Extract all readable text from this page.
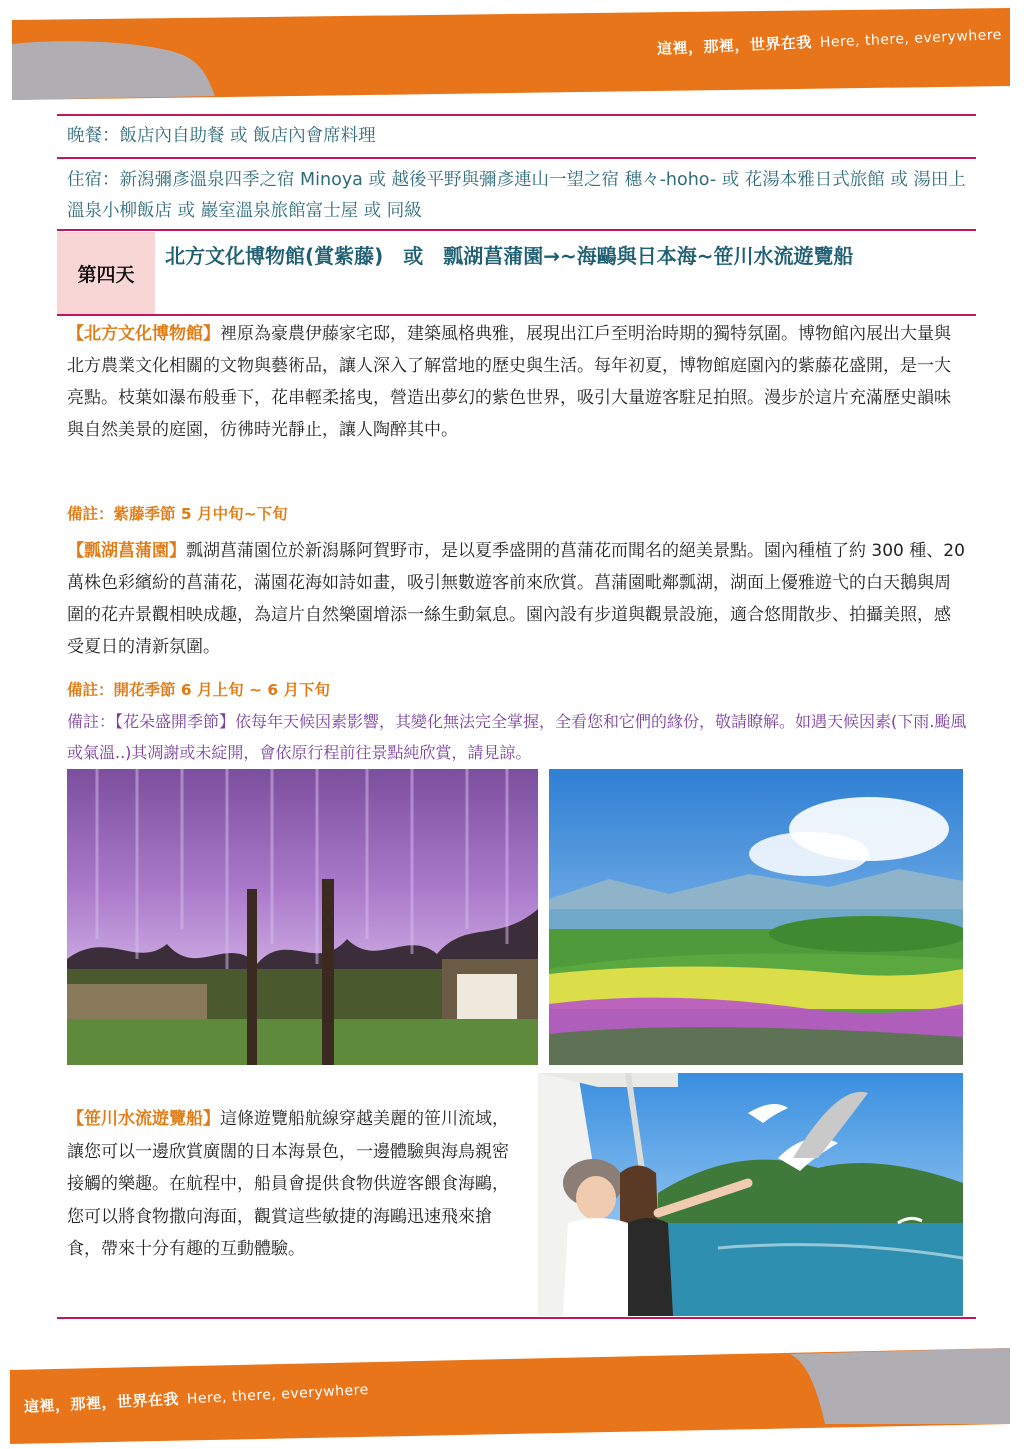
這裡，那裡，世界在我 Here, there, everywhere
晚餐：飯店內自助餐 或 飯店內會席料理
住宿：新潟彌彥溫泉四季之宿 Minoya 或 越後平野與彌彥連山一望之宿 穗々-hoho- 或 花湯本雅日式旅館 或 湯田上溫泉小柳飯店 或 巖室溫泉旅館富士屋 或 同級
第四天
北方文化博物館(賞紫藤)　或　瓢湖菖蒲園→~海鷗與日本海~笹川水流遊覽船
【北方文化博物館】裡原為豪農伊藤家宅邸，建築風格典雅，展現出江戶至明治時期的獨特氛圍。博物館內展出大量與北方農業文化相關的文物與藝術品，讓人深入了解當地的歷史與生活。每年初夏，博物館庭園內的紫藤花盛開，是一大亮點。枝葉如瀑布般垂下，花串輕柔搖曳，營造出夢幻的紫色世界，吸引大量遊客駐足拍照。漫步於這片充滿歷史韻味與自然美景的庭園，彷彿時光靜止，讓人陶醉其中。
備註：紫藤季節 5 月中旬~下旬
【瓢湖菖蒲園】瓢湖菖蒲園位於新潟縣阿賀野市，是以夏季盛開的菖蒲花而聞名的絕美景點。園內種植了約 300 種、20 萬株色彩繽紛的菖蒲花，滿園花海如詩如畫，吸引無數遊客前來欣賞。菖蒲園毗鄰瓢湖，湖面上優雅遊弋的白天鵝與周圍的花卉景觀相映成趣，為這片自然樂園增添一絲生動氣息。園內設有步道與觀景設施，適合悠閒散步、拍攝美照，感受夏日的清新氛圍。
備註：開花季節 6 月上旬 ~ 6 月下旬
備註：【花朵盛開季節】依每年天候因素影響，其變化無法完全掌握，全看您和它們的緣份，敬請瞭解。如遇天候因素(下雨.颱風或氣溫..)其凋謝或未綻開，會依原行程前往景點純欣賞，請見諒。
【笹川水流遊覽船】這條遊覽船航線穿越美麗的笹川流域，讓您可以一邊欣賞廣闊的日本海景色，一邊體驗與海鳥親密接觸的樂趣。在航程中，船員會提供食物供遊客餵食海鷗，您可以將食物撒向海面，觀賞這些敏捷的海鷗迅速飛來搶食，帶來十分有趣的互動體驗。
這裡，那裡，世界在我 Here, there, everywhere
